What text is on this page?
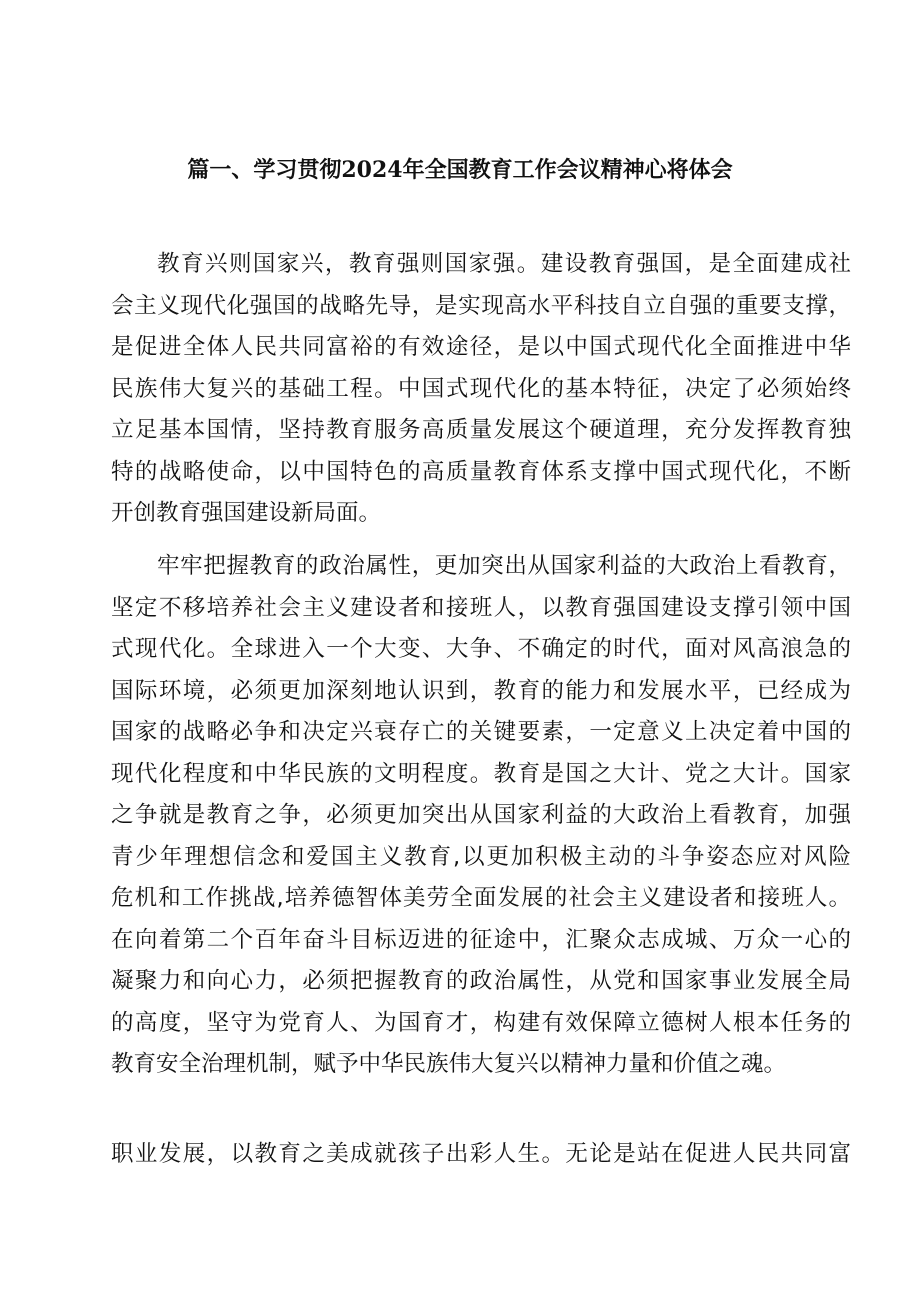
篇一、学习贯彻2024年全国教育工作会议精神心将体会
教育兴则国家兴，教育强则国家强。建设教育强国，是全面建成社
会主义现代化强国的战略先导，是实现高水平科技自立自强的重要支撑，
是促进全体人民共同富裕的有效途径，是以中国式现代化全面推进中华
民族伟大复兴的基础工程。中国式现代化的基本特征，决定了必须始终
立足基本国情，坚持教育服务高质量发展这个硬道理，充分发挥教育独
特的战略使命，以中国特色的高质量教育体系支撑中国式现代化，不断
开创教育强国建设新局面。
牢牢把握教育的政治属性，更加突出从国家利益的大政治上看教育，
坚定不移培养社会主义建设者和接班人，以教育强国建设支撑引领中国
式现代化。全球进入一个大变、大争、不确定的时代，面对风高浪急的
国际环境，必须更加深刻地认识到，教育的能力和发展水平，已经成为
国家的战略必争和决定兴衰存亡的关键要素，一定意义上决定着中国的
现代化程度和中华民族的文明程度。教育是国之大计、党之大计。国家
之争就是教育之争，必须更加突出从国家利益的大政治上看教育，加强
青少年理想信念和爱国主义教育,以更加积极主动的斗争姿态应对风险
危机和工作挑战,培养德智体美劳全面发展的社会主义建设者和接班人。
在向着第二个百年奋斗目标迈进的征途中，汇聚众志成城、万众一心的
凝聚力和向心力，必须把握教育的政治属性，从党和国家事业发展全局
的高度，坚守为党育人、为国育才，构建有效保障立德树人根本任务的
教育安全治理机制，赋予中华民族伟大复兴以精神力量和价值之魂。
职业发展，以教育之美成就孩子出彩人生。无论是站在促进人民共同富
